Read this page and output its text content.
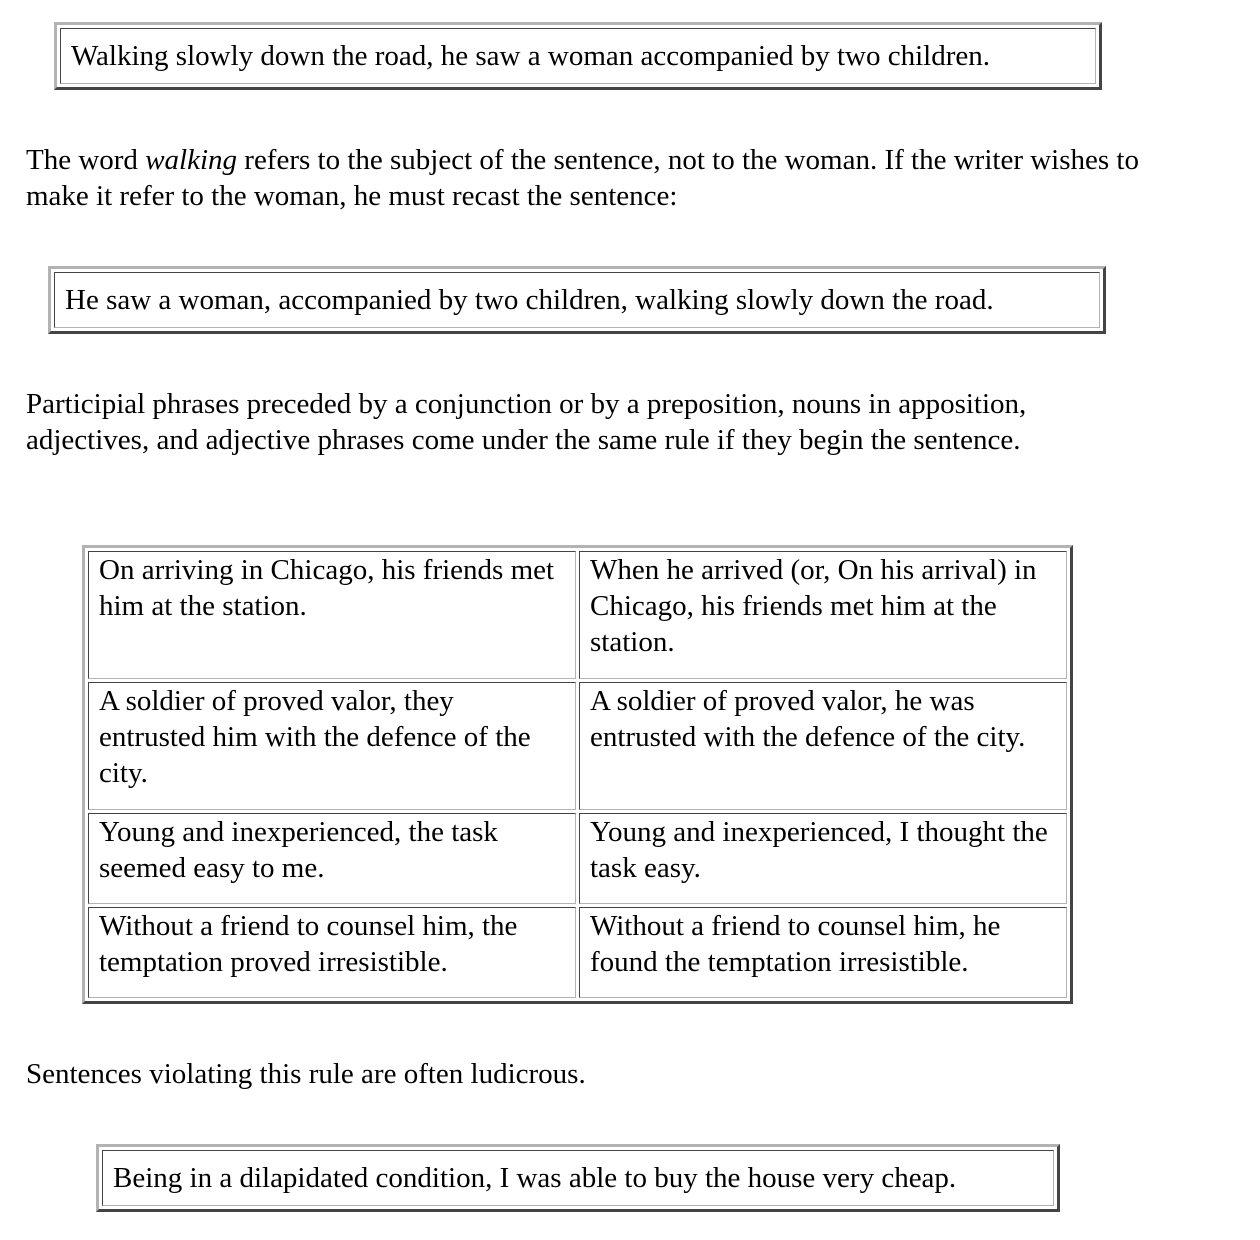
Walking slowly down the road, he saw a woman accompanied by two children.

The word walking refers to the subject of the sentence, not to the woman. If the writer wishes to make it refer to the woman, he must recast the sentence:

He saw a woman, accompanied by two children, walking slowly down the road.

Participial phrases preceded by a conjunction or by a preposition, nouns in apposition, adjectives, and adjective phrases come under the same rule if they begin the sentence.

On arriving in Chicago, his friends met him at the station.	When he arrived (or, On his arrival) in Chicago, his friends met him at the station.
A soldier of proved valor, they entrusted him with the defence of the city.	A soldier of proved valor, he was entrusted with the defence of the city.
Young and inexperienced, the task seemed easy to me.	Young and inexperienced, I thought the task easy.
Without a friend to counsel him, the temptation proved irresistible.	Without a friend to counsel him, he found the temptation irresistible.

Sentences violating this rule are often ludicrous.

Being in a dilapidated condition, I was able to buy the house very cheap.
